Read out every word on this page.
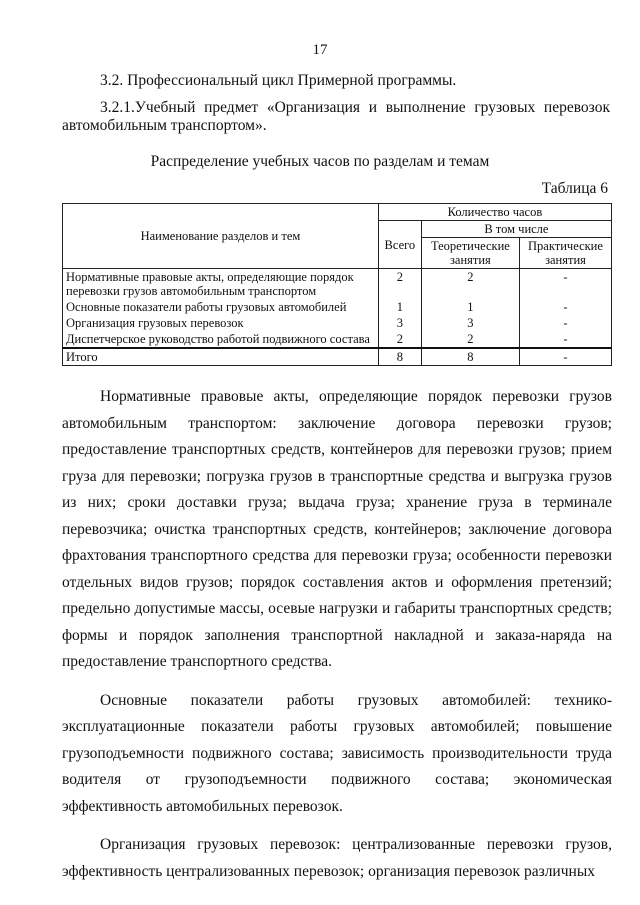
17
3.2. Профессиональный цикл Примерной программы.
3.2.1.Учебный предмет «Организация и выполнение грузовых перевозок
автомобильным транспортом».
Распределение учебных часов по разделам и темам
Таблица 6
Наименование разделов и тем	Количество часов		
	Всего	В том числе	
		Теоретические занятия	Практические занятия
Нормативные правовые акты, определяющие порядок перевозки грузов автомобильным транспортом	2	2	-
Основные показатели работы грузовых автомобилей	1	1	-
Организация грузовых перевозок	3	3	-
Диспетчерское руководство работой подвижного состава	2	2	-
Итого	8	8	-

Нормативные правовые акты, определяющие порядок перевозки грузов автомобильным транспортом: заключение договора перевозки грузов; предоставление транспортных средств, контейнеров для перевозки грузов; прием груза для перевозки; погрузка грузов в транспортные средства и выгрузка грузов из них; сроки доставки груза; выдача груза; хранение груза в терминале перевозчика; очистка транспортных средств, контейнеров; заключение договора фрахтования транспортного средства для перевозки груза; особенности перевозки отдельных видов грузов; порядок составления актов и оформления претензий; предельно допустимые массы, осевые нагрузки и габариты транспортных средств; формы и порядок заполнения транспортной накладной и заказа-наряда на предоставление транспортного средства.

Основные показатели работы грузовых автомобилей: технико-эксплуатационные показатели работы грузовых автомобилей; повышение грузоподъемности подвижного состава; зависимость производительности труда водителя от грузоподъемности подвижного состава; экономическая эффективность автомобильных перевозок.

Организация грузовых перевозок: централизованные перевозки грузов, эффективность централизованных перевозок; организация перевозок различных
